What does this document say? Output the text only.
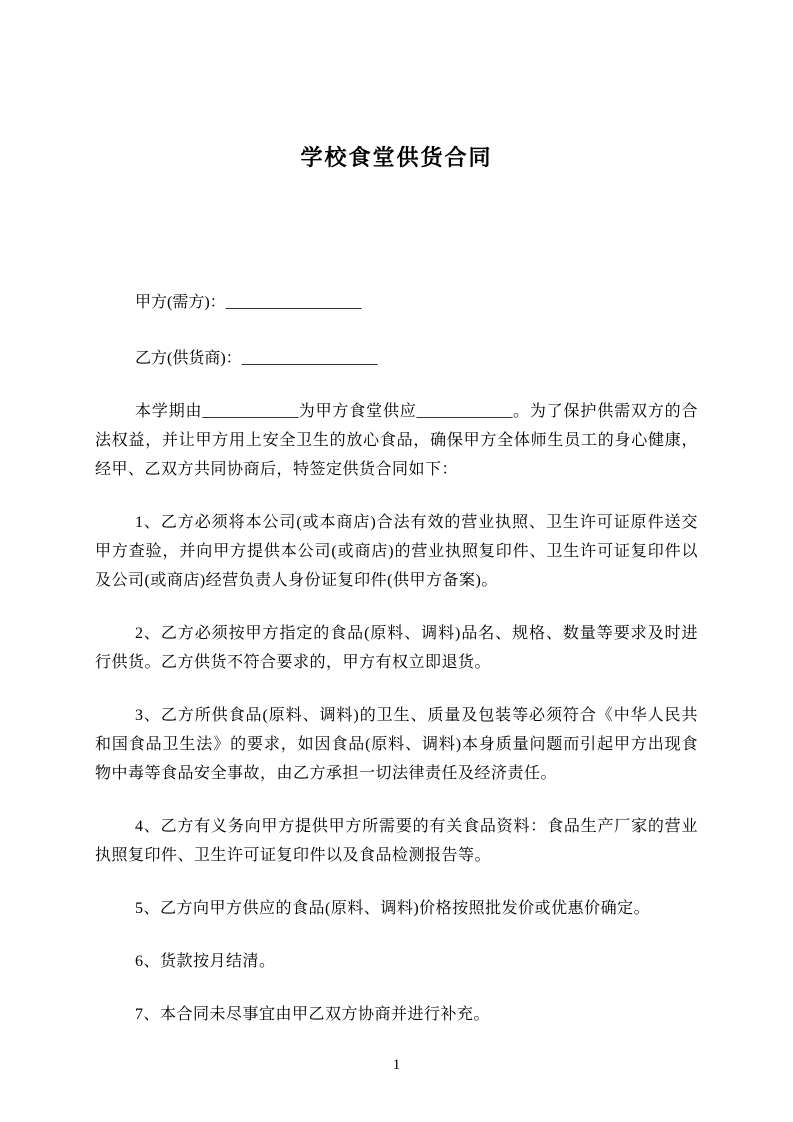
学校食堂供货合同

甲方(需方)：_________________

乙方(供货商)：_________________

本学期由____________为甲方食堂供应____________。为了保护供需双方的合法权益，并让甲方用上安全卫生的放心食品，确保甲方全体师生员工的身心健康，经甲、乙双方共同协商后，特签定供货合同如下：

1、乙方必须将本公司(或本商店)合法有效的营业执照、卫生许可证原件送交甲方查验，并向甲方提供本公司(或商店)的营业执照复印件、卫生许可证复印件以及公司(或商店)经营负责人身份证复印件(供甲方备案)。

2、乙方必须按甲方指定的食品(原料、调料)品名、规格、数量等要求及时进行供货。乙方供货不符合要求的，甲方有权立即退货。

3、乙方所供食品(原料、调料)的卫生、质量及包装等必须符合《中华人民共和国食品卫生法》的要求，如因食品(原料、调料)本身质量问题而引起甲方出现食物中毒等食品安全事故，由乙方承担一切法律责任及经济责任。

4、乙方有义务向甲方提供甲方所需要的有关食品资料：食品生产厂家的营业执照复印件、卫生许可证复印件以及食品检测报告等。

5、乙方向甲方供应的食品(原料、调料)价格按照批发价或优惠价确定。

6、货款按月结清。

7、本合同未尽事宜由甲乙双方协商并进行补充。

1
